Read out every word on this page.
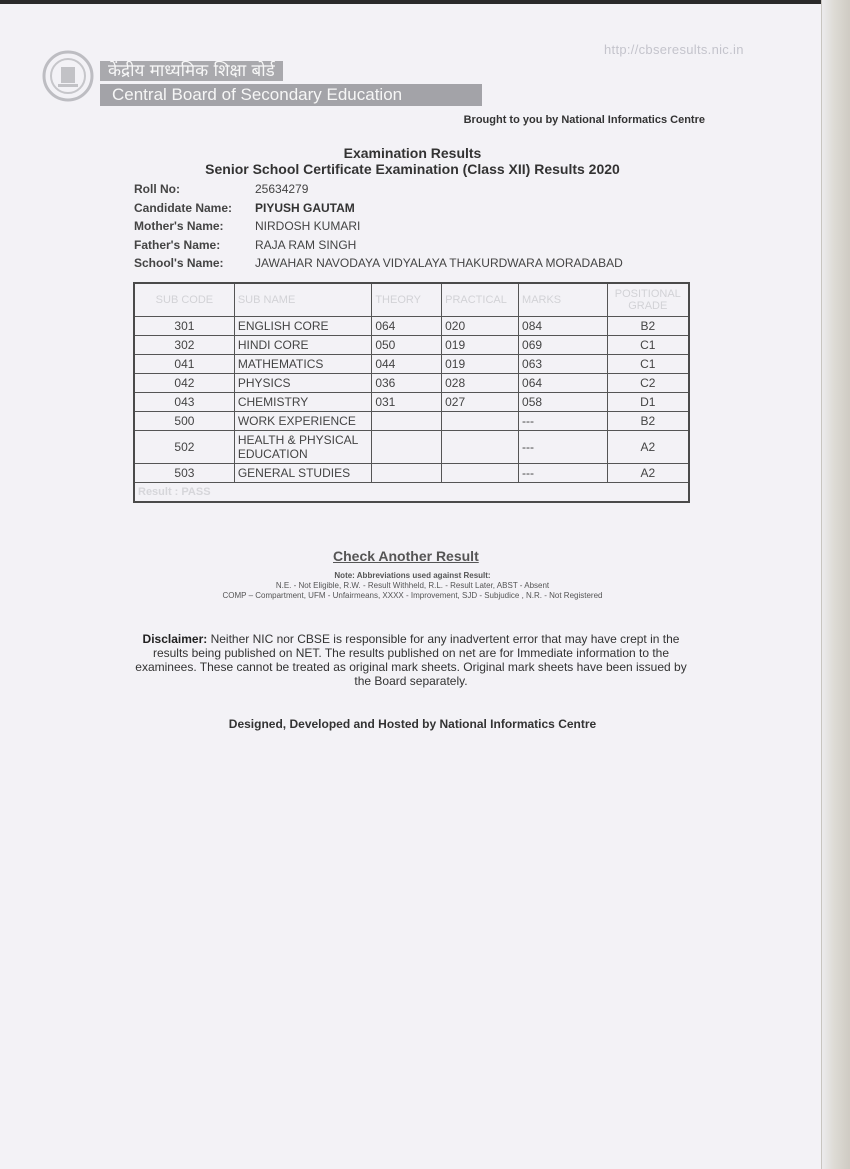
http://cbseresults.nic.in
केंद्रीय माध्यमिक शिक्षा बोर्ड
Central Board of Secondary Education
Brought to you by National Informatics Centre
Examination Results
Senior School Certificate Examination (Class XII) Results 2020
Roll No:	25634279
Candidate Name:	PIYUSH GAUTAM
Mother's Name:	NIRDOSH KUMARI
Father's Name:	RAJA RAM SINGH
School's Name:	JAWAHAR NAVODAYA VIDYALAYA THAKURDWARA MORADABAD
SUB CODE	SUB NAME	THEORY	PRACTICAL	MARKS	POSITIONAL GRADE
301	ENGLISH CORE	064	020	084	B2
302	HINDI CORE	050	019	069	C1
041	MATHEMATICS	044	019	063	C1
042	PHYSICS	036	028	064	C2
043	CHEMISTRY	031	027	058	D1
500	WORK EXPERIENCE			---	B2
502	HEALTH & PHYSICAL EDUCATION			---	A2
503	GENERAL STUDIES			---	A2
Result : PASS					
Check Another Result
Note: Abbreviations used against Result:
N.E. - Not Eligible, R.W. - Result Withheld, R.L. - Result Later, ABST - Absent
COMP – Compartment, UFM - Unfairmeans, XXXX - Improvement, SJD - Subjudice , N.R. - Not Registered
Disclaimer: Neither NIC nor CBSE is responsible for any inadvertent error that may have crept in the results being published on NET. The results published on net are for Immediate information to the examinees. These cannot be treated as original mark sheets. Original mark sheets have been issued by the Board separately.
Designed, Developed and Hosted by National Informatics Centre
